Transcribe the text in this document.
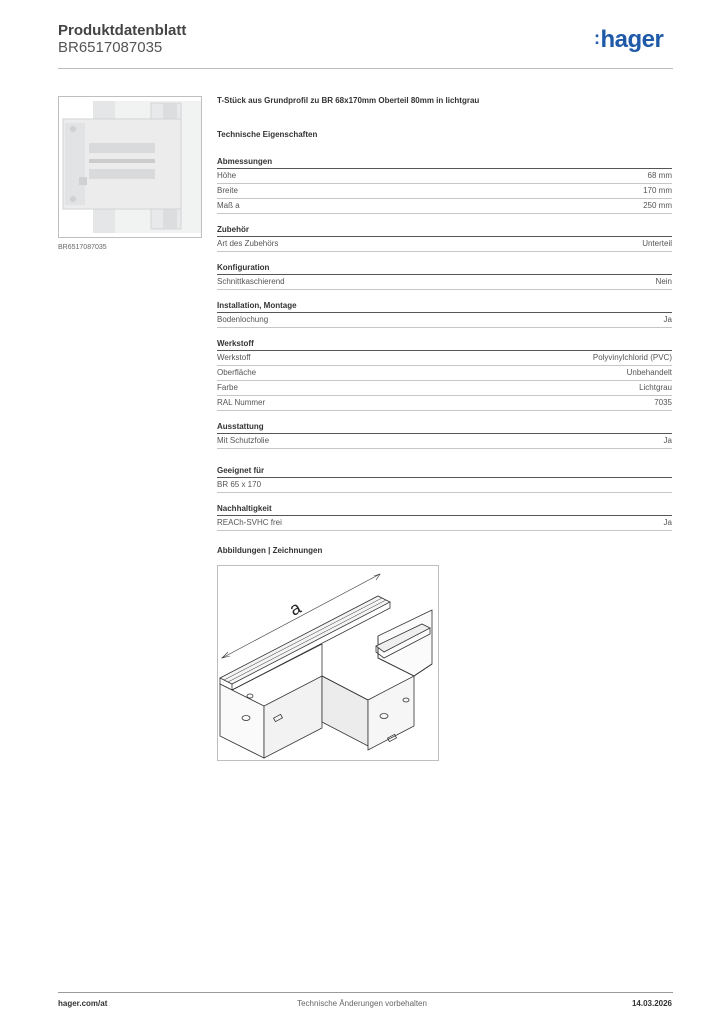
Produktdatenblatt
BR6517087035	:hager
BR6517087035
T-Stück aus Grundprofil zu BR 68x170mm Oberteil 80mm in lichtgrau
Technische Eigenschaften
Abmessungen
Höhe	68 mm
Breite	170 mm
Maß a	250 mm
Zubehör
Art des Zubehörs	Unterteil
Konfiguration
Schnittkaschierend	Nein
Installation, Montage
Bodenlochung	Ja
Werkstoff
Werkstoff	Polyvinylchlorid (PVC)
Oberfläche	Unbehandelt
Farbe	Lichtgrau
RAL Nummer	7035
Ausstattung
Mit Schutzfolie	Ja
Geeignet für
BR 65 x 170
Nachhaltigkeit
REACh-SVHC frei	Ja
Abbildungen | Zeichnungen
a
hager.com/at	Technische Änderungen vorbehalten	14.03.2026
